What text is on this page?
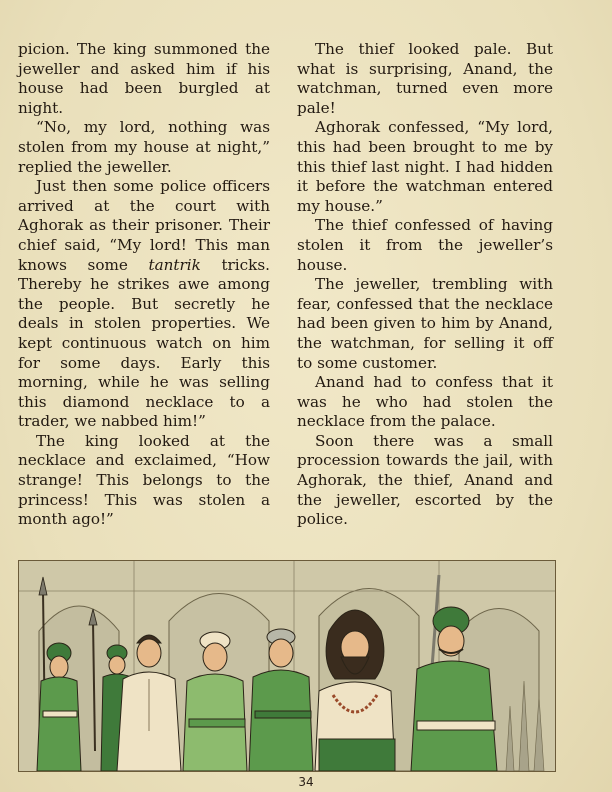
picion. The king summoned the jeweller and asked him if his house had been burgled at night.

“No, my lord, nothing was stolen from my house at night,” replied the jeweller.

Just then some police officers arrived at the court with Aghorak as their prisoner. Their chief said, “My lord! This man knows some tantrik tricks. Thereby he strikes awe among the people. But secretly he deals in stolen properties. We kept continuous watch on him for some days. Early this morning, while he was selling this diamond necklace to a trader, we nabbed him!”

The king looked at the necklace and exclaimed, “How strange! This belongs to the princess! This was stolen a month ago!”

The thief looked pale. But what is surprising, Anand, the watchman, turned even more pale!

Aghorak confessed, “My lord, this had been brought to me by this thief last night. I had hidden it before the watchman entered my house.”

The thief confessed of having stolen it from the jeweller’s house.

The jeweller, trembling with fear, confessed that the necklace had been given to him by Anand, the watchman, for selling it off to some customer.

Anand had to confess that it was he who had stolen the necklace from the palace.

Soon there was a small procession towards the jail, with Aghorak, the thief, Anand and the jeweller, escorted by the police.

34
